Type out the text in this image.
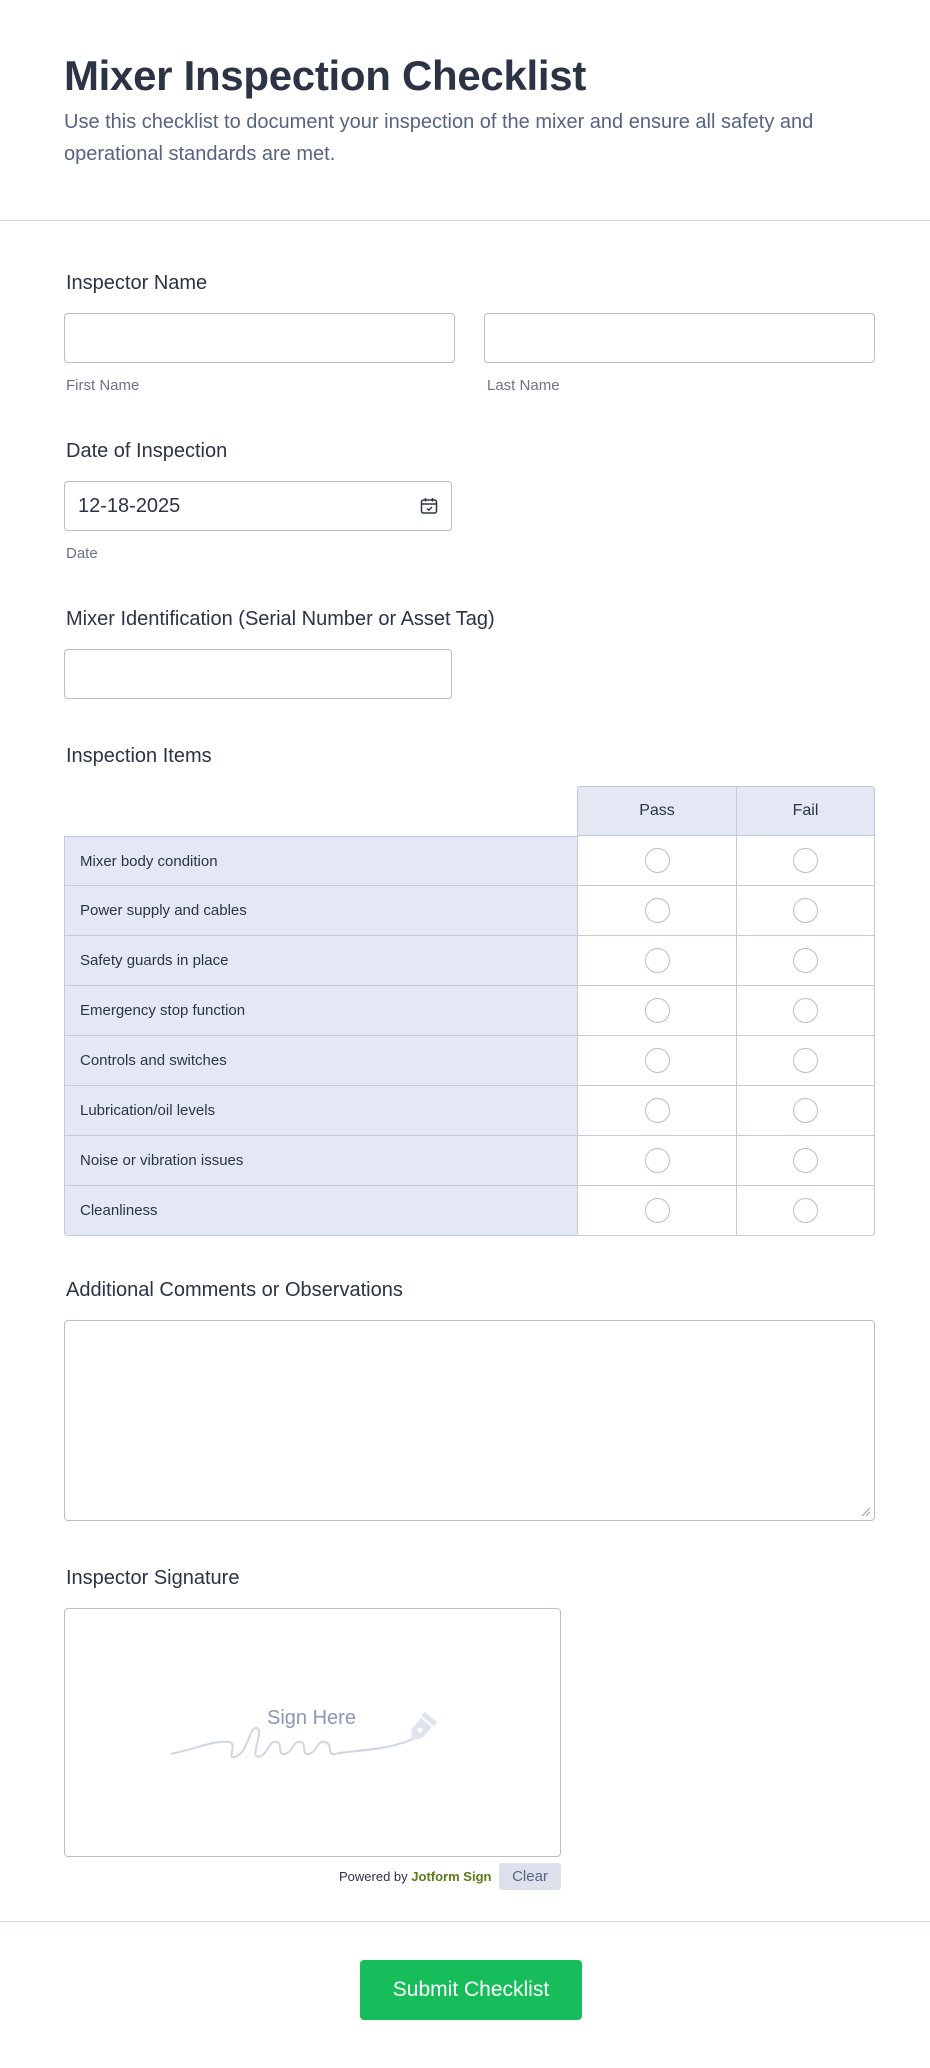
Mixer Inspection Checklist

Use this checklist to document your inspection of the mixer and ensure all safety and operational standards are met.

Inspector Name
First Name	Last Name
Date of Inspection
12-18-2025
Date
Mixer Identification (Serial Number or Asset Tag)
Inspection Items
Pass	Fail
Mixer body condition
Power supply and cables
Safety guards in place
Emergency stop function
Controls and switches
Lubrication/oil levels
Noise or vibration issues
Cleanliness
Additional Comments or Observations
Inspector Signature
Sign Here
Powered by Jotform Sign	Clear
Submit Checklist
